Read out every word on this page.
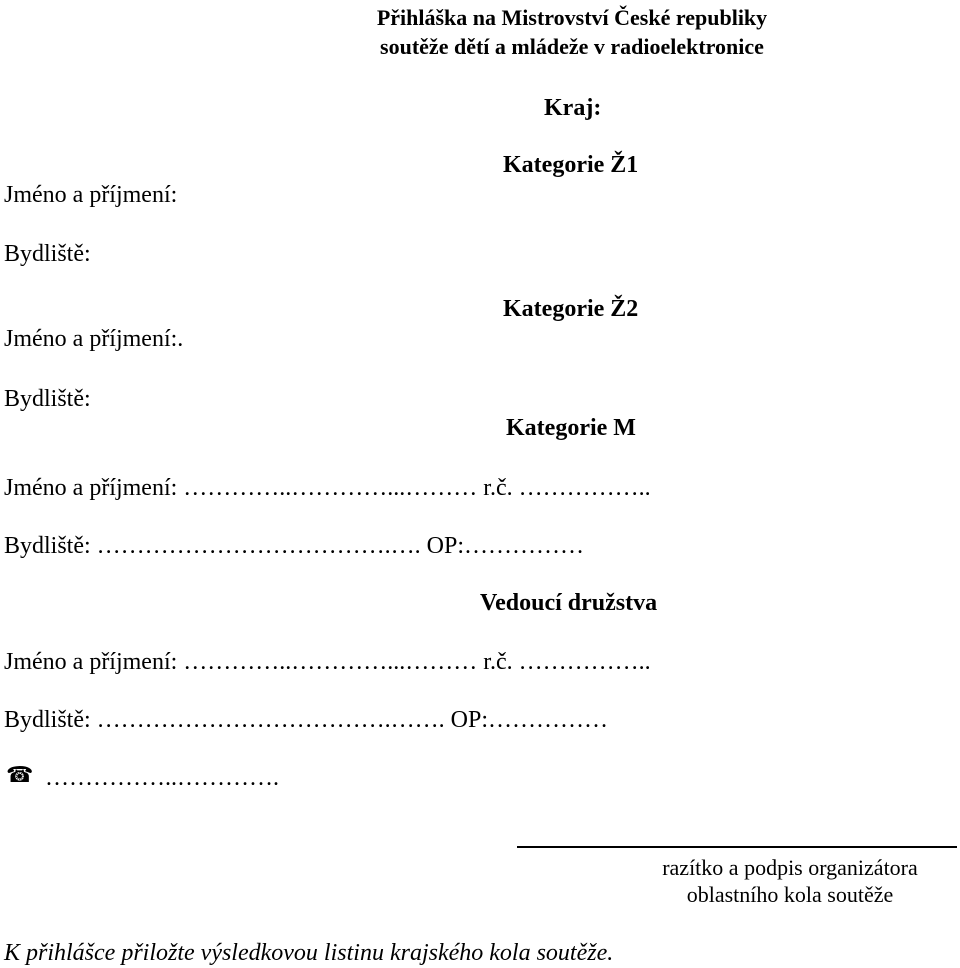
Přihláška na Mistrovství České republiky
soutěže dětí a mládeže v radioelektronice
Kraj:
Kategorie Ž1
Jméno a příjmení:
Bydliště:
Kategorie Ž2
Jméno a příjmení:.
Bydliště:
Kategorie M
Jméno a příjmení: …………..…………...……… r.č. ……………..
Bydliště: ……………………………….…. OP:……………
Vedoucí družstva
Jméno a příjmení: …………..…………...……… r.č. ……………..
Bydliště: ……………………………….……. OP:……………
☎ ……………..………….
razítko a podpis organizátora
oblastního kola soutěže
K přihlášce přiložte výsledkovou listinu krajského kola soutěže.
